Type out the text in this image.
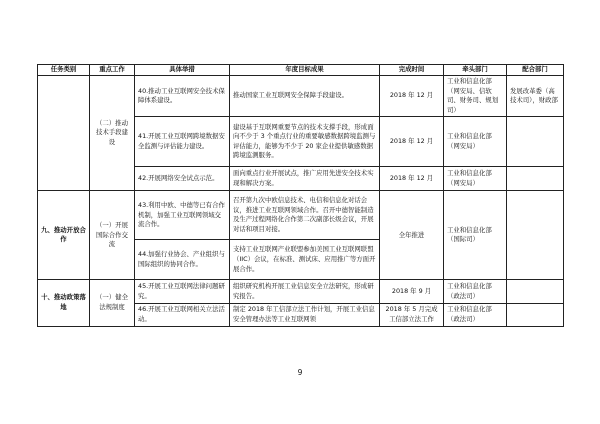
任务类别	重点工作	具体举措	年度目标成果	完成时间	牵头部门	配合部门
	（二）推动技术手段建设	40.推动工业互联网安全技术保障体系建设。	推动国家工业互联网安全保障手段建设。	2018 年 12 月	工业和信息化部（网安局、信软司、财务司、规划司）	发展改革委（高技术司），财政部
		41.开展工业互联网跨境数据安全监测与评估能力建设。	建设基于互联网重要节点的技术支撑手段，形成面向不少于 3 个重点行业的重要敏感数据跨境监测与评估能力，能够为不少于 20 家企业提供敏感数据跨境监测服务。	2018 年 12 月	工业和信息化部（网安局）	
		42.开展网络安全试点示范。	面向重点行业开展试点，推广应用先进安全技术实现和解决方案。	2018 年 12 月	工业和信息化部（网安局）	
九、推动开放合作	（一）开展国际合作交流	43.利用中欧、中德等已有合作机制，加强工业互联网领域交流合作。	召开第九次中欧信息技术、电信和信息化对话会议，推进工业互联网领域合作。召开中德智能制造及生产过程网络化合作第二次副部长级会议，开展对话和项目对接。	全年推进	工业和信息化部（国际司）	
		44.加强行业协会、产业组织与国际组织的协同合作。	支持工业互联网产业联盟参加美国工业互联网联盟（IIC）会议，在标准、测试床、应用推广等方面开展合作。			
十、推动政策落地	（一）健全法规制度	45.开展工业互联网法律问题研究。	组织研究机构开展工业信息安全立法研究，形成研究报告。	2018 年 9 月	工业和信息化部（政法司）	
		46.开展工业互联网相关立法活动。	制定 2018 年工信部立法工作计划，开展工业信息安全管理办法等工业互联网领	2018 年 5 月完成工信部立法工作	工业和信息化部（政法司）	
9
